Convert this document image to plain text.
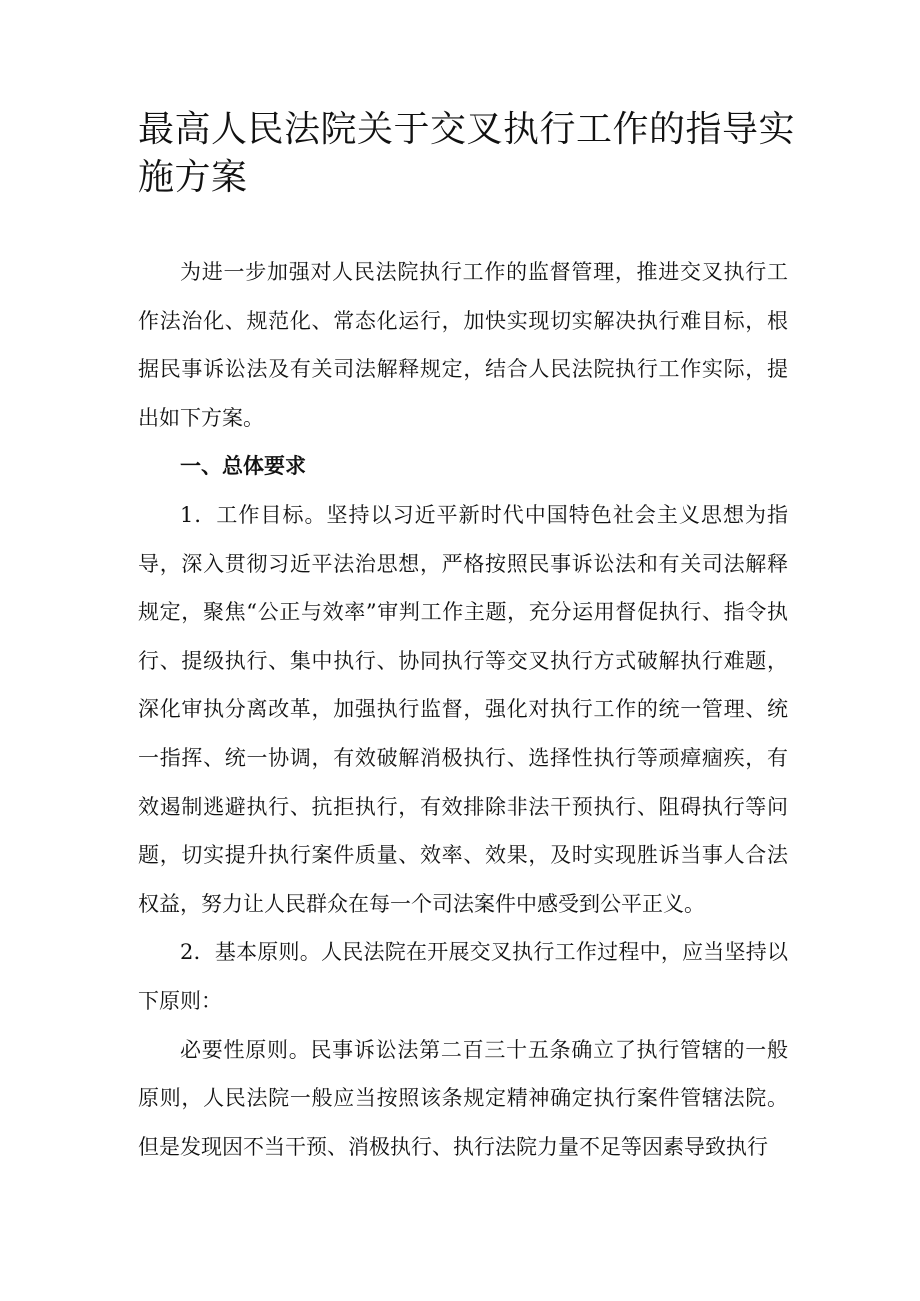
最高人民法院关于交叉执行工作的指导实施方案

为进一步加强对人民法院执行工作的监督管理，推进交叉执行工作法治化、规范化、常态化运行，加快实现切实解决执行难目标，根据民事诉讼法及有关司法解释规定，结合人民法院执行工作实际，提出如下方案。

一、总体要求

1．工作目标。坚持以习近平新时代中国特色社会主义思想为指导，深入贯彻习近平法治思想，严格按照民事诉讼法和有关司法解释规定，聚焦“公正与效率”审判工作主题，充分运用督促执行、指令执行、提级执行、集中执行、协同执行等交叉执行方式破解执行难题，深化审执分离改革，加强执行监督，强化对执行工作的统一管理、统一指挥、统一协调，有效破解消极执行、选择性执行等顽瘴痼疾，有效遏制逃避执行、抗拒执行，有效排除非法干预执行、阻碍执行等问题，切实提升执行案件质量、效率、效果，及时实现胜诉当事人合法权益，努力让人民群众在每一个司法案件中感受到公平正义。

2．基本原则。人民法院在开展交叉执行工作过程中，应当坚持以下原则：

必要性原则。民事诉讼法第二百三十五条确立了执行管辖的一般原则，人民法院一般应当按照该条规定精神确定执行案件管辖法院。但是发现因不当干预、消极执行、执行法院力量不足等因素导致执行
